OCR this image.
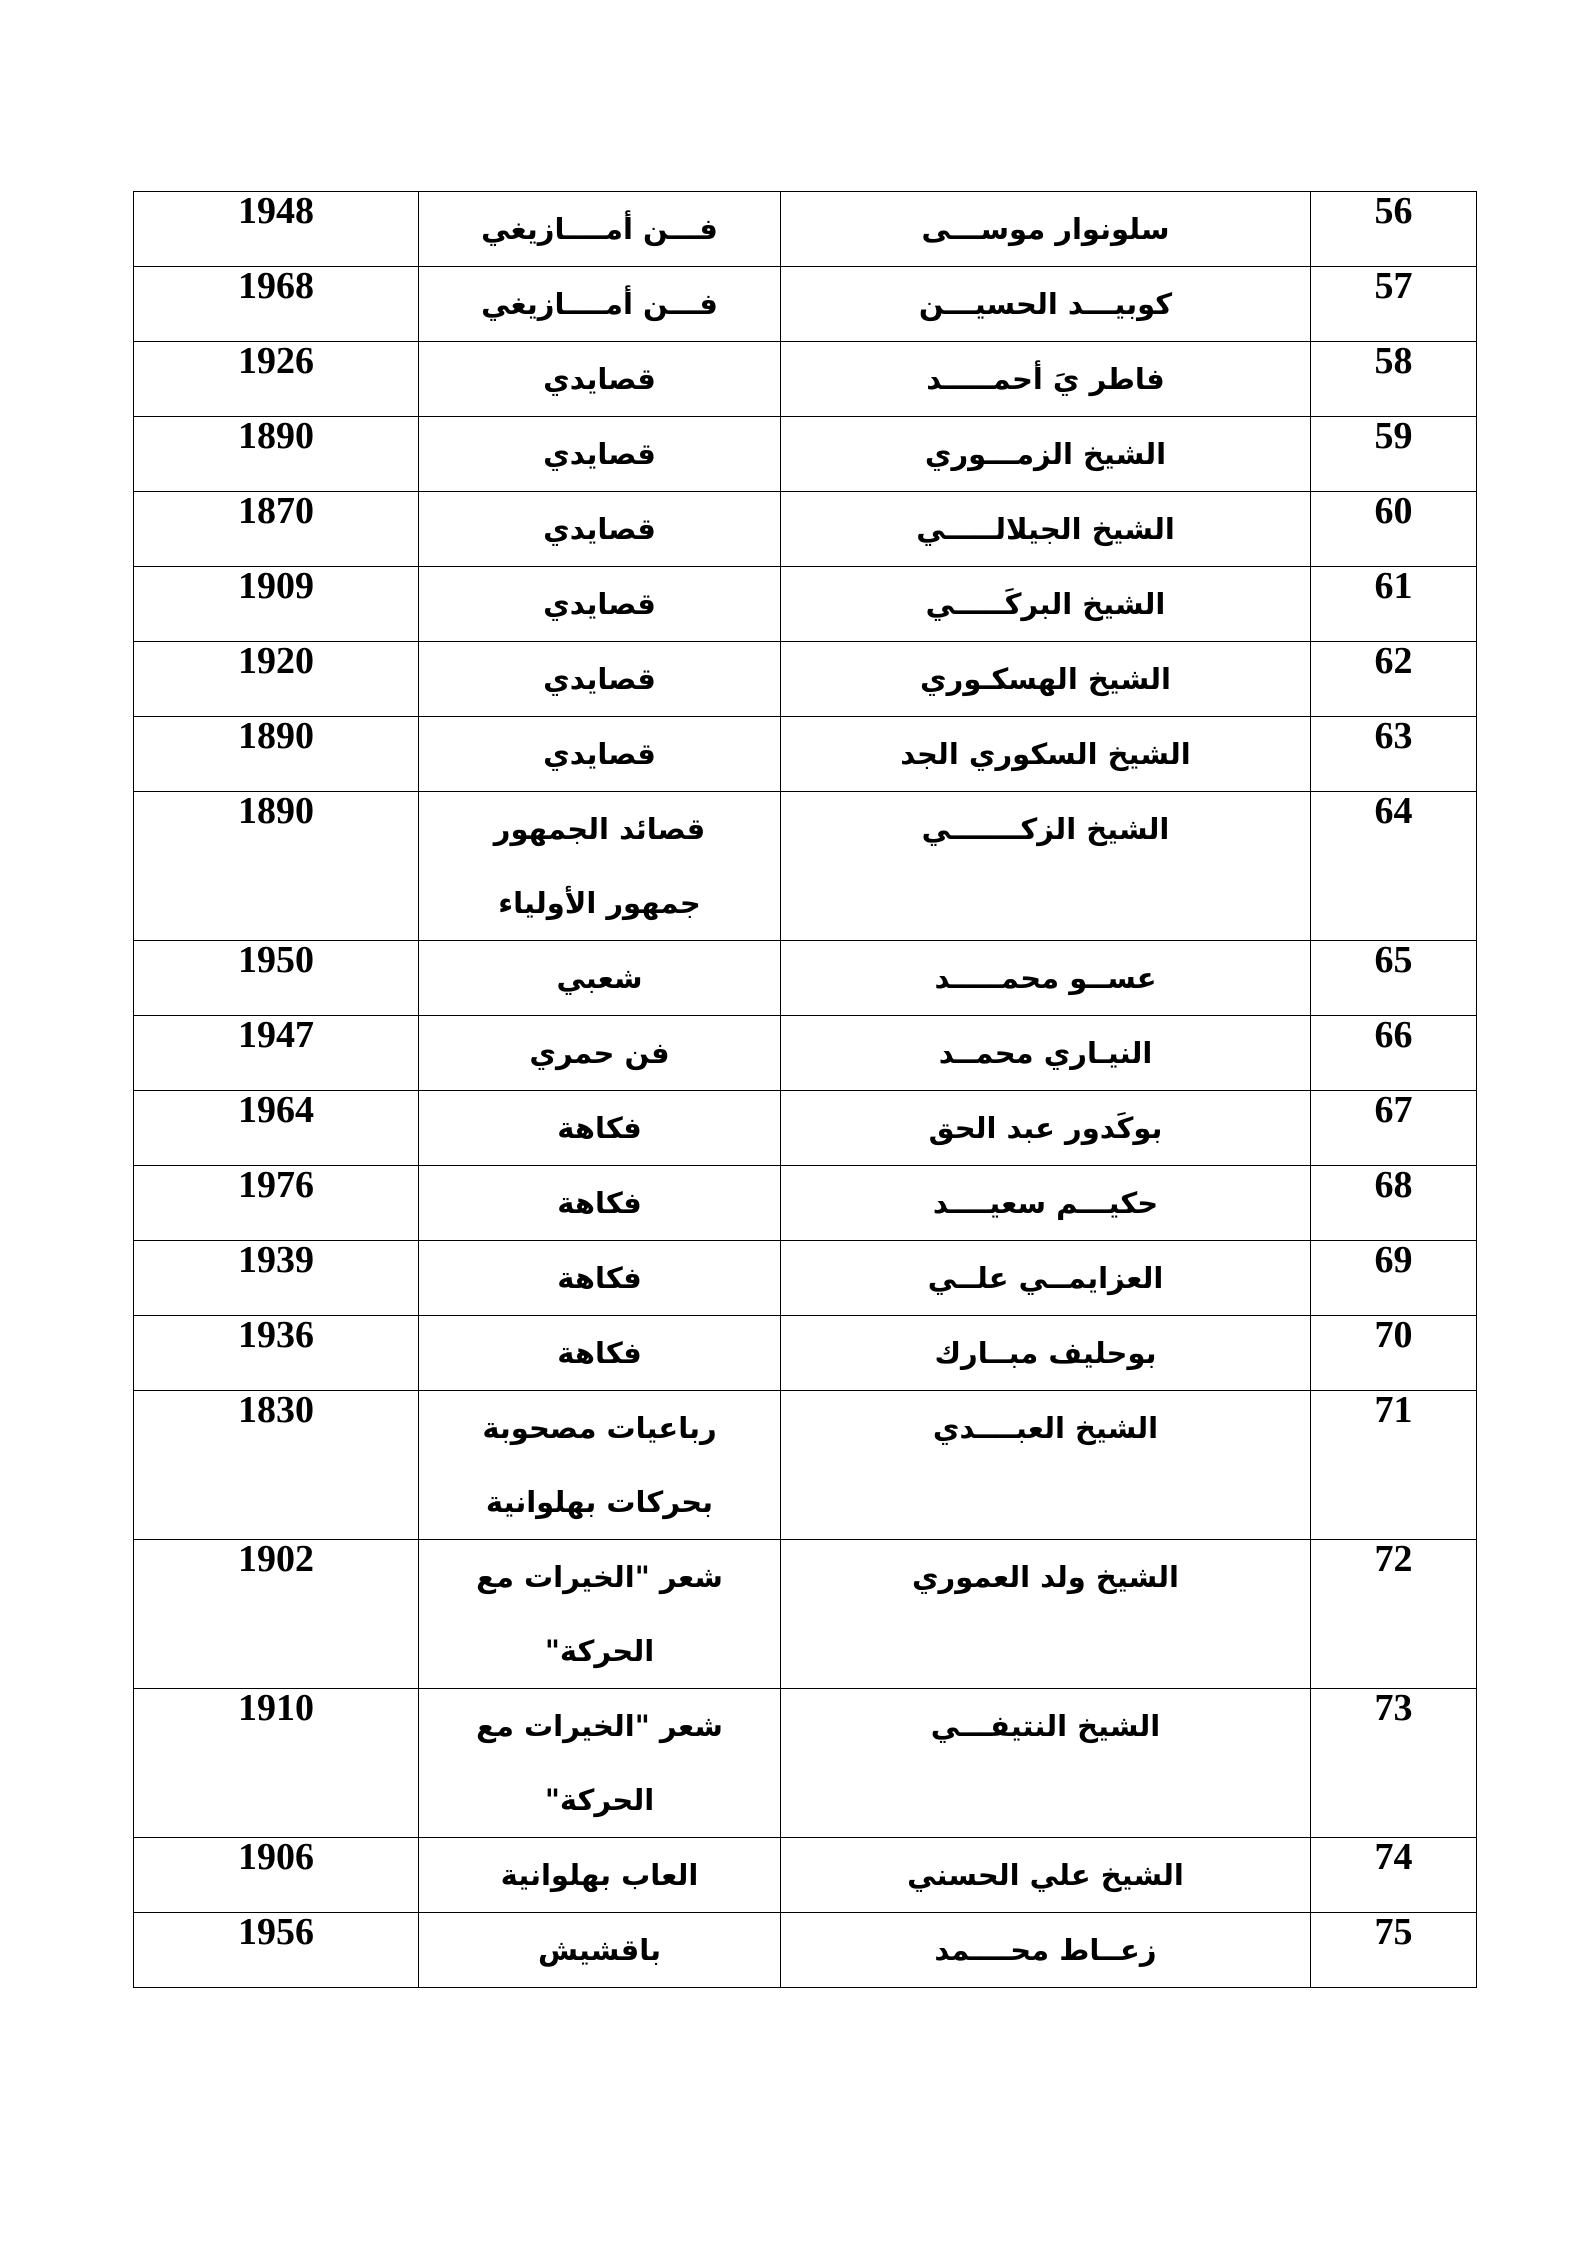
1948	فـــن أمــــازيغي	سلونوار موســـى	56
1968	فـــن أمــــازيغي	كوبيـــد الحسيـــن	57
1926	قصايدي	فاطر يَ أحمـــــد	58
1890	قصايدي	الشيخ الزمـــوري	59
1870	قصايدي	الشيخ الجيلالـــــي	60
1909	قصايدي	الشيخ البركَـــــي	61
1920	قصايدي	الشيخ الهسكـوري	62
1890	قصايدي	الشيخ السكوري الجد	63
1890	قصائد الجمهور جمهور الأولياء	الشيخ الزكـــــــي	64
1950	شعبي	عســو محمـــــد	65
1947	فن حمري	النيـاري محمــد	66
1964	فكاهة	بوكَدور عبد الحق	67
1976	فكاهة	حكيـــم سعيــــد	68
1939	فكاهة	العزايمــي علــي	69
1936	فكاهة	بوحليف مبــارك	70
1830	رباعيات مصحوبة بحركات بهلوانية	الشيخ العبــــدي	71
1902	شعر "الخيرات مع الحركة"	الشيخ ولد العموري	72
1910	شعر "الخيرات مع الحركة"	الشيخ النتيفـــي	73
1906	العاب بهلوانية	الشيخ علي الحسني	74
1956	باقشيش	زعــاط محــــمد	75
